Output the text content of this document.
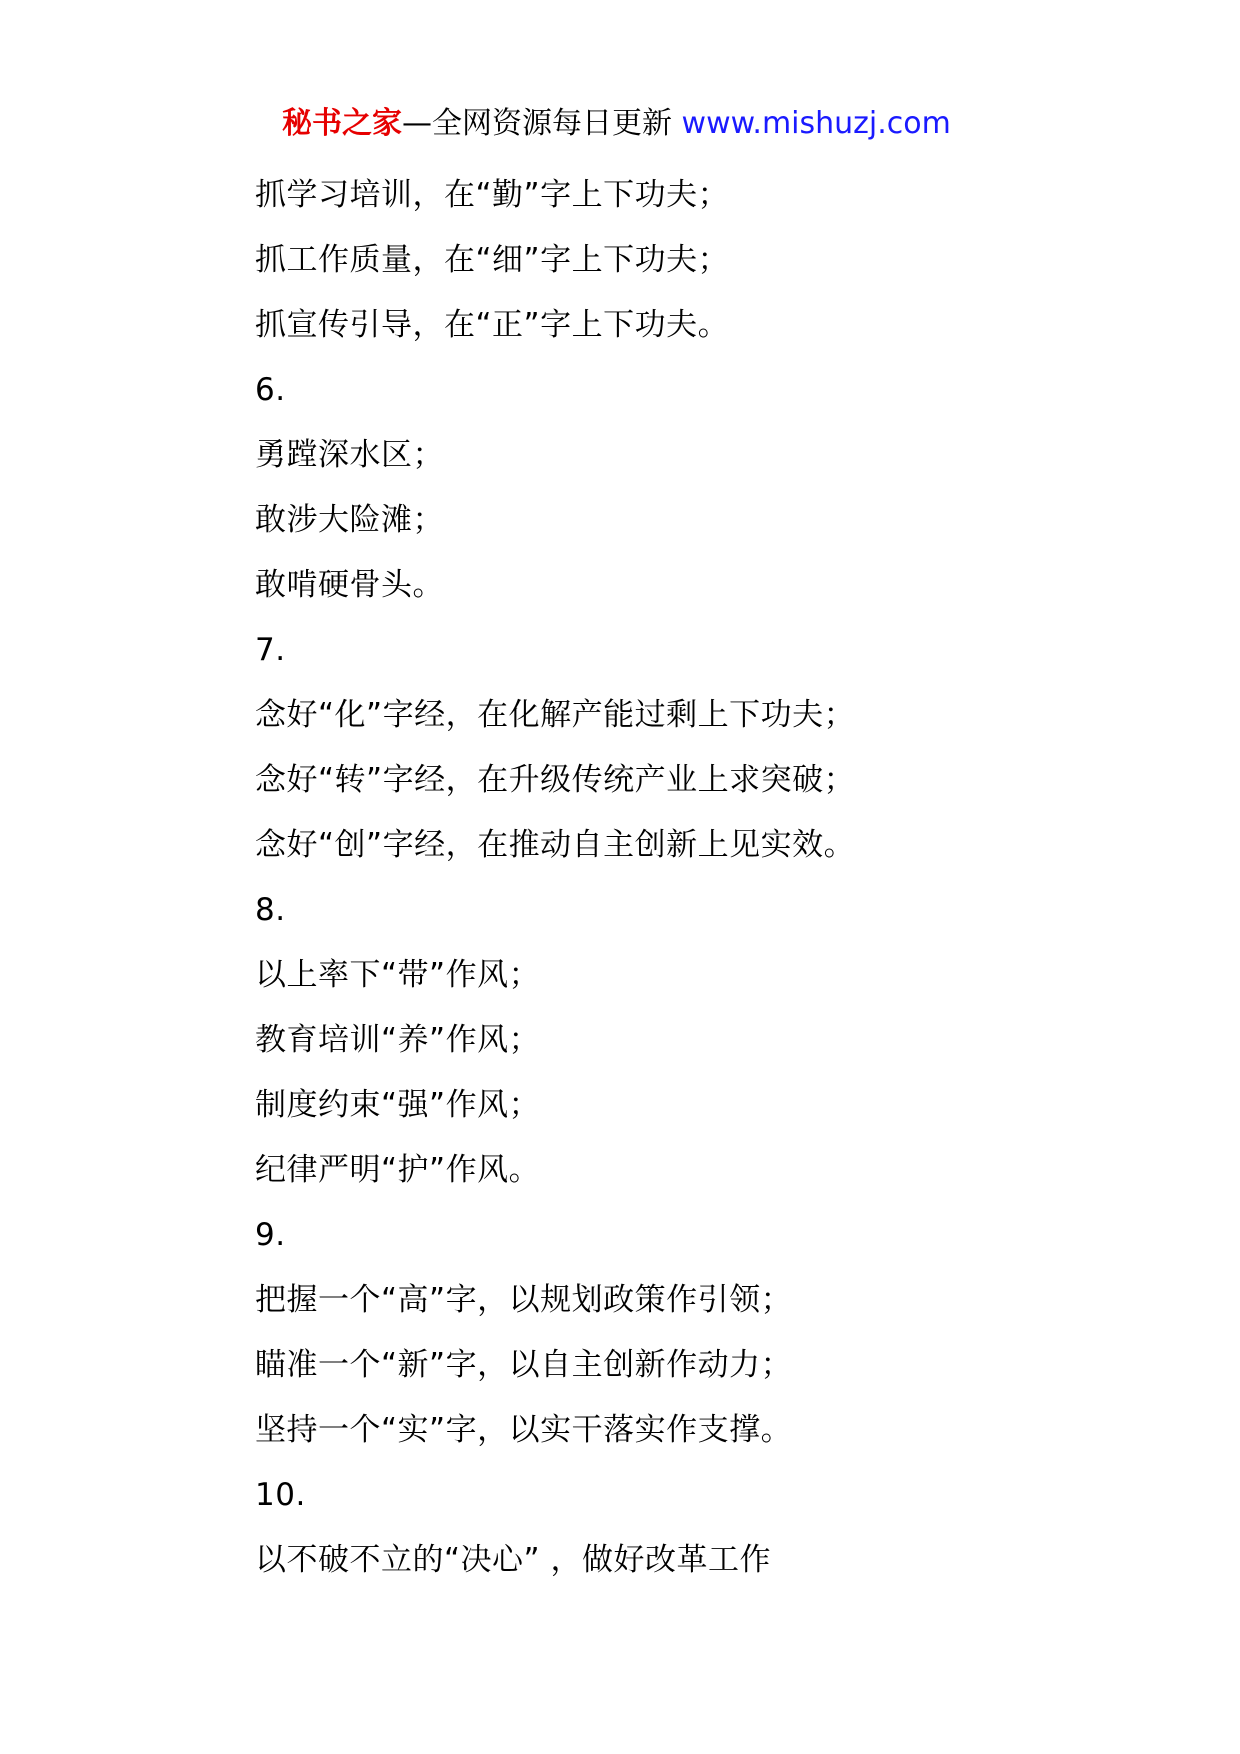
秘书之家—全网资源每日更新 www.mishuzj.com
抓学习培训，在“勤”字上下功夫；
抓工作质量，在“细”字上下功夫；
抓宣传引导，在“正”字上下功夫。
6.
勇蹚深水区；
敢涉大险滩；
敢啃硬骨头。
7.
念好“化”字经，在化解产能过剩上下功夫；
念好“转”字经，在升级传统产业上求突破；
念好“创”字经，在推动自主创新上见实效。
8.
以上率下“带”作风；
教育培训“养”作风；
制度约束“强”作风；
纪律严明“护”作风。
9.
把握一个“高”字，以规划政策作引领；
瞄准一个“新”字，以自主创新作动力；
坚持一个“实”字，以实干落实作支撑。
10.
以不破不立的“决心” ，做好改革工作
